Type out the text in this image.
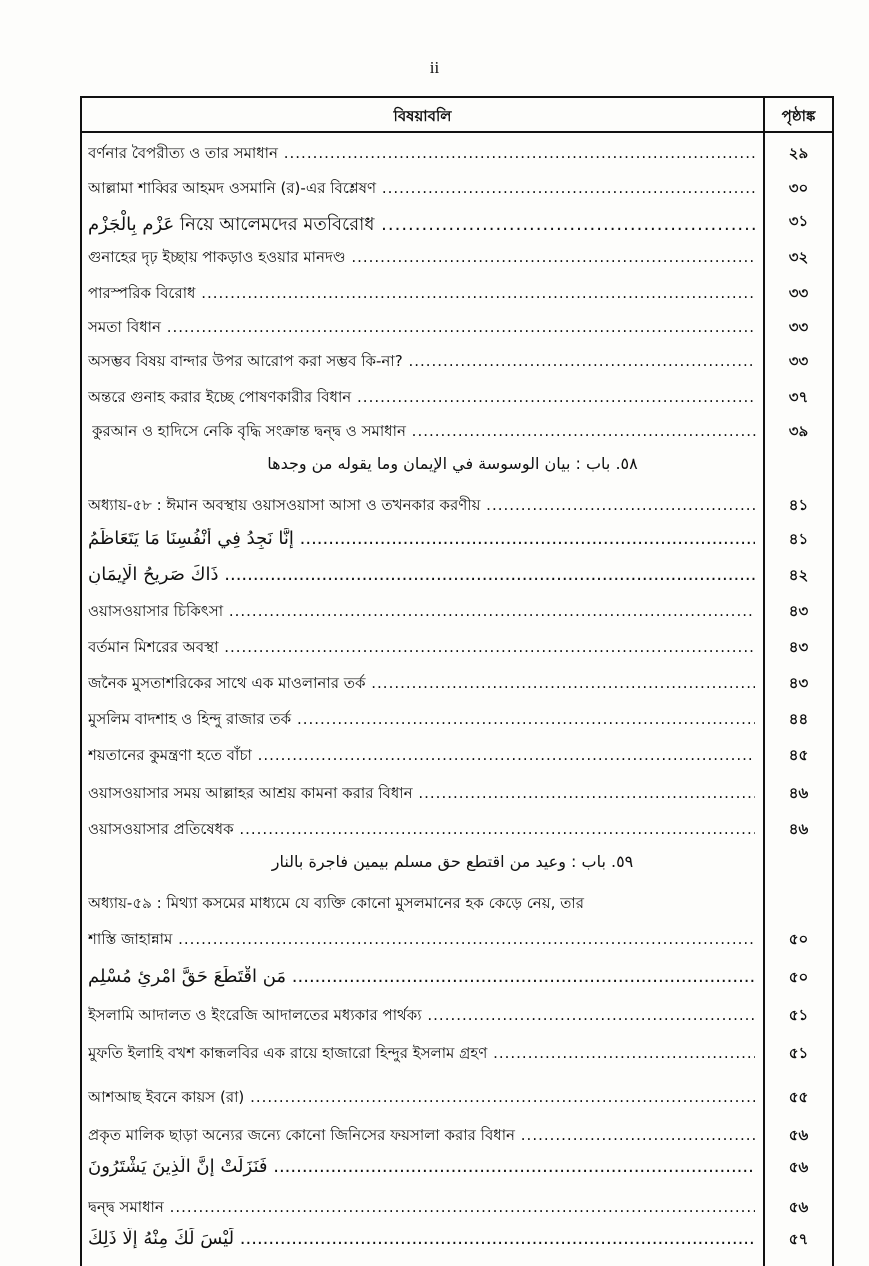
ii
বিষয়াবলি	পৃষ্ঠাঙ্ক
বর্ণনার বৈপরীত্য ও তার সমাধান .....	২৯
আল্লামা শাব্বির আহমদ ওসমানি (র)-এর বিশ্লেষণ .....	৩০
عَزْم بِالْجَزْم নিয়ে আলেমদের মতবিরোধ .....	৩১
গুনাহের দৃঢ় ইচ্ছায় পাকড়াও হওয়ার মানদণ্ড .....	৩২
পারস্পরিক বিরোধ .....	৩৩
সমতা বিধান .....	৩৩
অসম্ভব বিষয় বান্দার উপর আরোপ করা সম্ভব কি-না? .....	৩৩
অন্তরে গুনাহ করার ইচ্ছে পোষণকারীর বিধান .....	৩৭
কুরআন ও হাদিসে নেকি বৃদ্ধি সংক্রান্ত দ্বন্দ্ব ও সমাধান .....	৩৯
٥٨. باب : بيان الوسوسة في الإيمان وما يقوله من وجدها
অধ্যায়-৫৮ : ঈমান অবস্থায় ওয়াসওয়াসা আসা ও তখনকার করণীয় .....	৪১
إِنَّا نَجِدُ فِي أَنْفُسِنَا مَا يَتَعَاظَمُ .....	৪১
ذَاكَ صَرِيحُ الْإِيمَانِ .....	৪২
ওয়াসওয়াসার চিকিৎসা .....	৪৩
বর্তমান মিশরের অবস্থা .....	৪৩
জনৈক মুসতাশরিকের সাথে এক মাওলানার তর্ক .....	৪৩
মুসলিম বাদশাহ ও হিন্দু রাজার তর্ক .....	৪৪
শয়তানের কুমন্ত্রণা হতে বাঁচা .....	৪৫
ওয়াসওয়াসার সময় আল্লাহর আশ্রয় কামনা করার বিধান .....	৪৬
ওয়াসওয়াসার প্রতিষেধক .....	৪৬
٥٩. باب : وعيد من اقتطع حق مسلم بيمين فاجرة بالنار
অধ্যায়-৫৯ : মিথ্যা কসমের মাধ্যমে যে ব্যক্তি কোনো মুসলমানের হক কেড়ে নেয়, তার
শাস্তি জাহান্নাম .....	৫০
مَنِ اقْتَطَعَ حَقَّ امْرِئٍ مُسْلِمٍ .....	৫০
ইসলামি আদালত ও ইংরেজি আদালতের মধ্যকার পার্থক্য .....	৫১
মুফতি ইলাহি বখশ কান্ধলবির এক রায়ে হাজারো হিন্দুর ইসলাম গ্রহণ .....	৫১
আশআছ ইবনে কায়স (রা) .....	৫৫
প্রকৃত মালিক ছাড়া অন্যের জন্যে কোনো জিনিসের ফয়সালা করার বিধান .....	৫৬
فَنَزَلَتْ إِنَّ الَّذِينَ يَشْتَرُونَ .....	৫৬
দ্বন্দ্ব সমাধান .....	৫৬
لَيْسَ لَكَ مِنْهُ إِلَّا ذَلِكَ .....	৫৭
